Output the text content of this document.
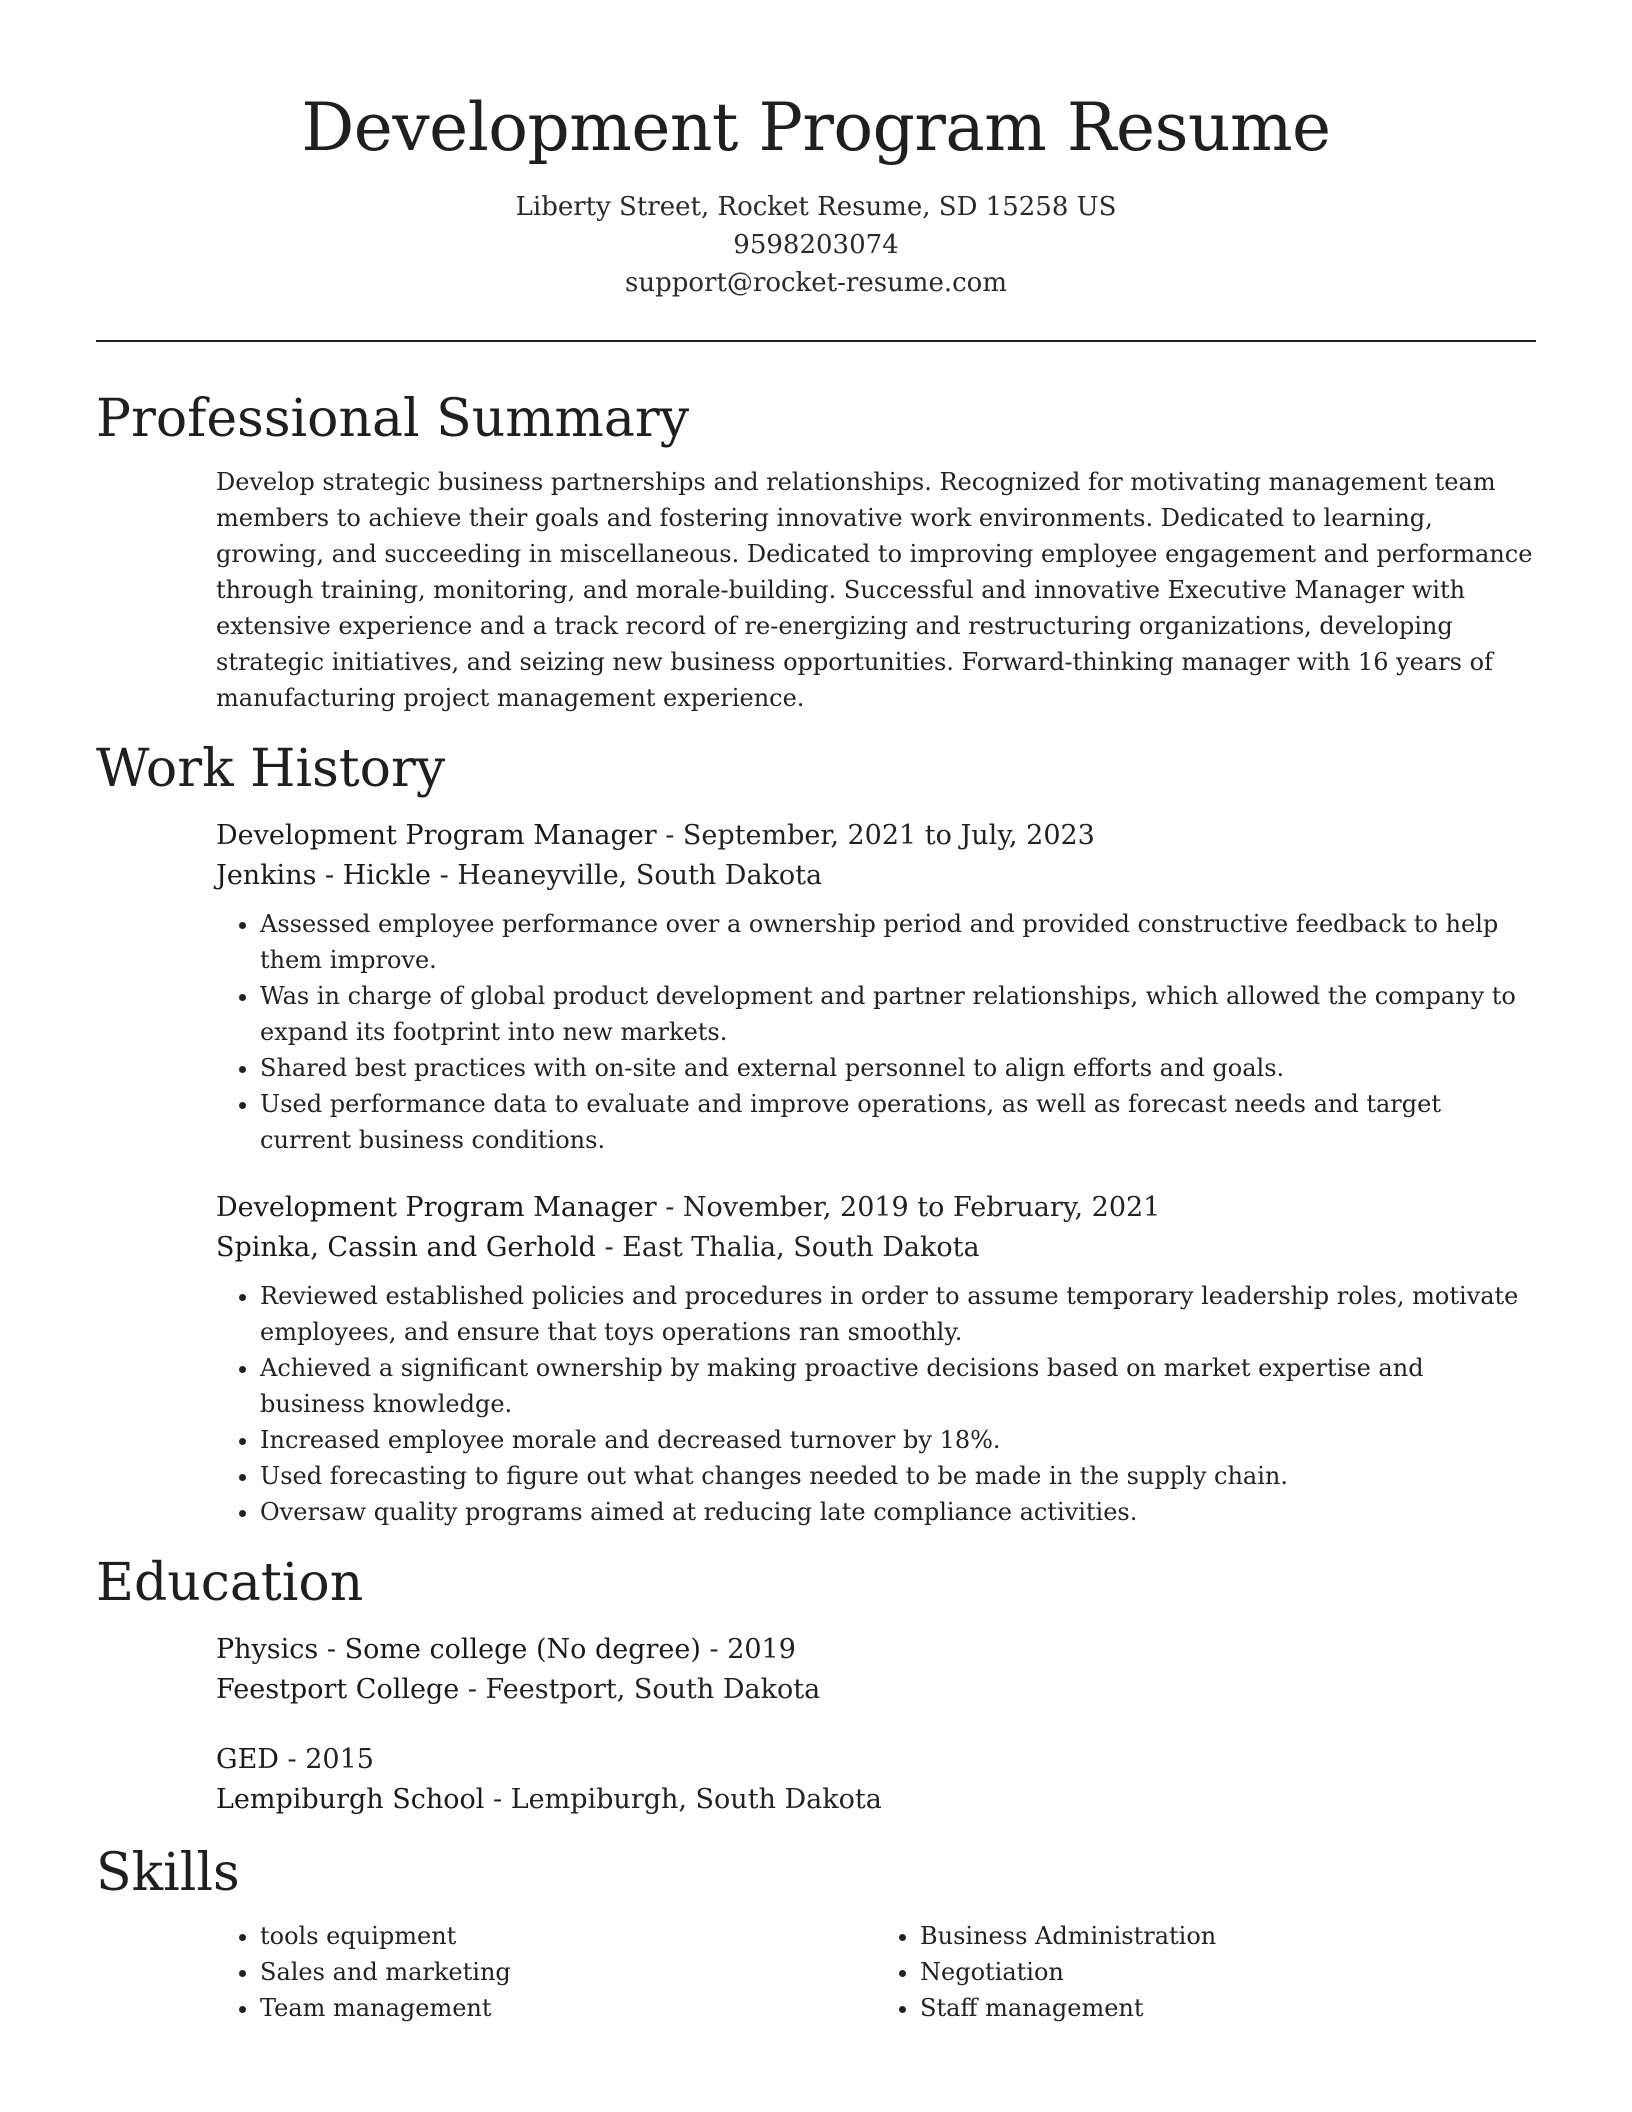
Development Program Resume
Liberty Street, Rocket Resume, SD 15258 US
9598203074
support@rocket-resume.com
Professional Summary

Develop strategic business partnerships and relationships. Recognized for motivating management team members to achieve their goals and fostering innovative work environments. Dedicated to learning, growing, and succeeding in miscellaneous. Dedicated to improving employee engagement and performance through training, monitoring, and morale-building. Successful and innovative Executive Manager with extensive experience and a track record of re-energizing and restructuring organizations, developing strategic initiatives, and seizing new business opportunities. Forward-thinking manager with 16 years of manufacturing project management experience.

Work History
Development Program Manager - September, 2021 to July, 2023
Jenkins - Hickle - Heaneyville, South Dakota
• Assessed employee performance over a ownership period and provided constructive feedback to help them improve.
• Was in charge of global product development and partner relationships, which allowed the company to expand its footprint into new markets.
• Shared best practices with on-site and external personnel to align efforts and goals.
• Used performance data to evaluate and improve operations, as well as forecast needs and target current business conditions.
Development Program Manager - November, 2019 to February, 2021
Spinka, Cassin and Gerhold - East Thalia, South Dakota
• Reviewed established policies and procedures in order to assume temporary leadership roles, motivate employees, and ensure that toys operations ran smoothly.
• Achieved a significant ownership by making proactive decisions based on market expertise and business knowledge.
• Increased employee morale and decreased turnover by 18%.
• Used forecasting to figure out what changes needed to be made in the supply chain.
• Oversaw quality programs aimed at reducing late compliance activities.
Education
Physics - Some college (No degree) - 2019
Feestport College - Feestport, South Dakota
GED - 2015
Lempiburgh School - Lempiburgh, South Dakota
Skills
• tools equipment
• Sales and marketing
• Team management
• Business Administration
• Negotiation
• Staff management
